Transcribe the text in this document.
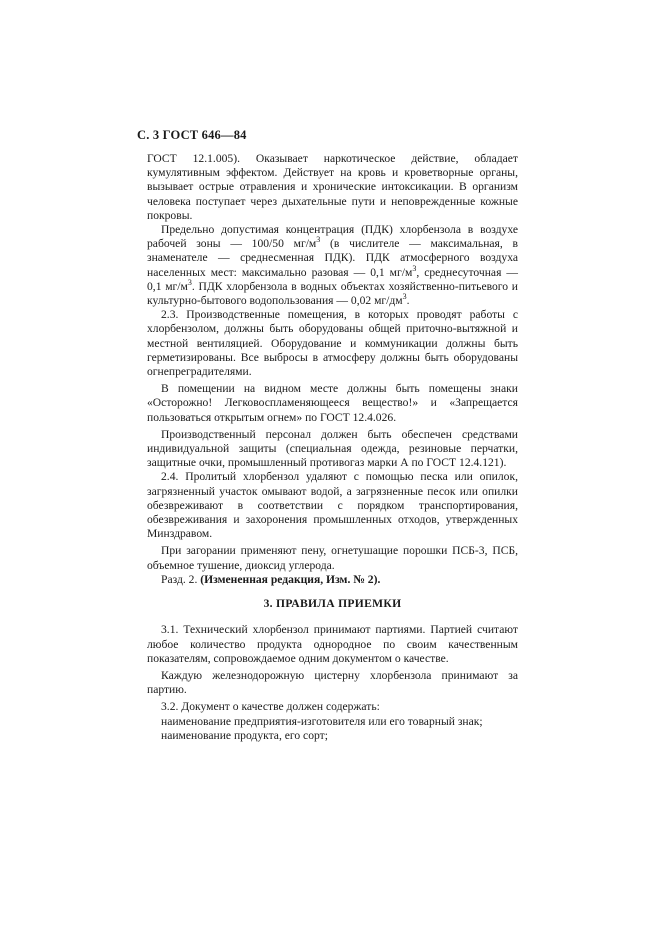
С. 3 ГОСТ 646—84

ГОСТ 12.1.005). Оказывает наркотическое действие, обладает кумулятивным эффектом. Действует на кровь и кроветворные органы, вызывает острые отравления и хронические интоксикации. В организм человека поступает через дыхательные пути и неповрежденные кожные покровы.

Предельно допустимая концентрация (ПДК) хлорбензола в воздухе рабочей зоны — 100/50 $мг/м^3$ (в числителе — максимальная, в знаменателе — среднесменная ПДК). ПДК атмосферного воздуха населенных мест: максимально разовая — 0,1 $мг/м^3$, среднесуточная — 0,1 $мг/м^3$. ПДК хлорбензола в водных объектах хозяйственно-питьевого и культурно-бытового водопользования — 0,02 $мг/дм^3$.

2.3. Производственные помещения, в которых проводят работы с хлорбензолом, должны быть оборудованы общей приточно-вытяжной и местной вентиляцией. Оборудование и коммуникации должны быть герметизированы. Все выбросы в атмосферу должны быть оборудованы огнепреградителями.

В помещении на видном месте должны быть помещены знаки «Осторожно! Легковоспламеняющееся вещество!» и «Запрещается пользоваться открытым огнем» по ГОСТ 12.4.026.

Производственный персонал должен быть обеспечен средствами индивидуальной защиты (специальная одежда, резиновые перчатки, защитные очки, промышленный противогаз марки А по ГОСТ 12.4.121).

2.4. Пролитый хлорбензол удаляют с помощью песка или опилок, загрязненный участок омывают водой, а загрязненные песок или опилки обезвреживают в соответствии с порядком транспортирования, обезвреживания и захоронения промышленных отходов, утвержденных Минздравом.

При загорании применяют пену, огнетушащие порошки ПСБ-3, ПСБ, объемное тушение, диоксид углерода.

Разд. 2. (Измененная редакция, Изм. № 2).

3. ПРАВИЛА ПРИЕМКИ

3.1. Технический хлорбензол принимают партиями. Партией считают любое количество продукта однородное по своим качественным показателям, сопровождаемое одним документом о качестве.

Каждую железнодорожную цистерну хлорбензола принимают за партию.

3.2. Документ о качестве должен содержать:

наименование предприятия-изготовителя или его товарный знак;

наименование продукта, его сорт;
